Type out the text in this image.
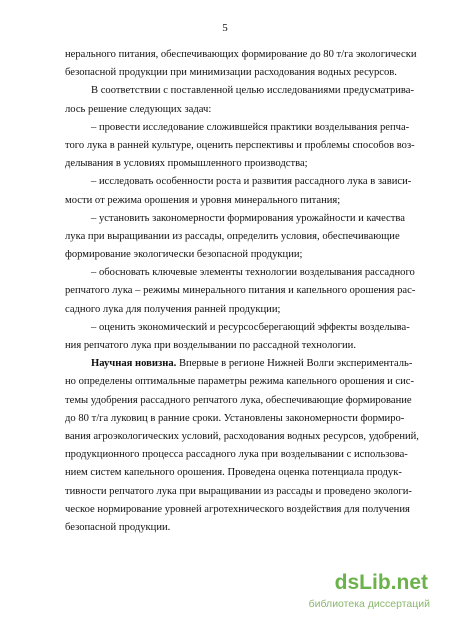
5
нерального питания, обеспечивающих формирование до 80 т/га экологически
безопасной продукции при минимизации расходования водных ресурсов.
В соответствии с поставленной целью исследованиями предусматрива-
лось решение следующих задач:
– провести исследование сложившейся практики возделывания репча-
того лука в ранней культуре, оценить перспективы и проблемы способов воз-
делывания в условиях промышленного производства;
– исследовать особенности роста и развития рассадного лука в зависи-
мости от режима орошения и уровня минерального питания;
– установить закономерности формирования урожайности и качества
лука при выращивании из рассады, определить условия, обеспечивающие
формирование экологически безопасной продукции;
– обосновать ключевые элементы технологии возделывания рассадного
репчатого лука – режимы минерального питания и капельного орошения рас-
садного лука для получения ранней продукции;
– оценить экономический и ресурсосберегающий эффекты возделыва-
ния репчатого лука при возделывании по рассадной технологии.
Научная новизна. Впервые в регионе Нижней Волги эксперименталь-
но определены оптимальные параметры режима капельного орошения и сис-
темы удобрения рассадного репчатого лука, обеспечивающие формирование
до 80 т/га луковиц в ранние сроки. Установлены закономерности формиро-
вания агроэкологических условий, расходования водных ресурсов, удобрений,
продукционного процесса рассадного лука при возделывании с использова-
нием систем капельного орошения. Проведена оценка потенциала продук-
тивности репчатого лука при выращивании из рассады и проведено экологи-
ческое нормирование уровней агротехнического воздействия для получения
безопасной продукции.
dsLib.net
библиотека диссертаций
